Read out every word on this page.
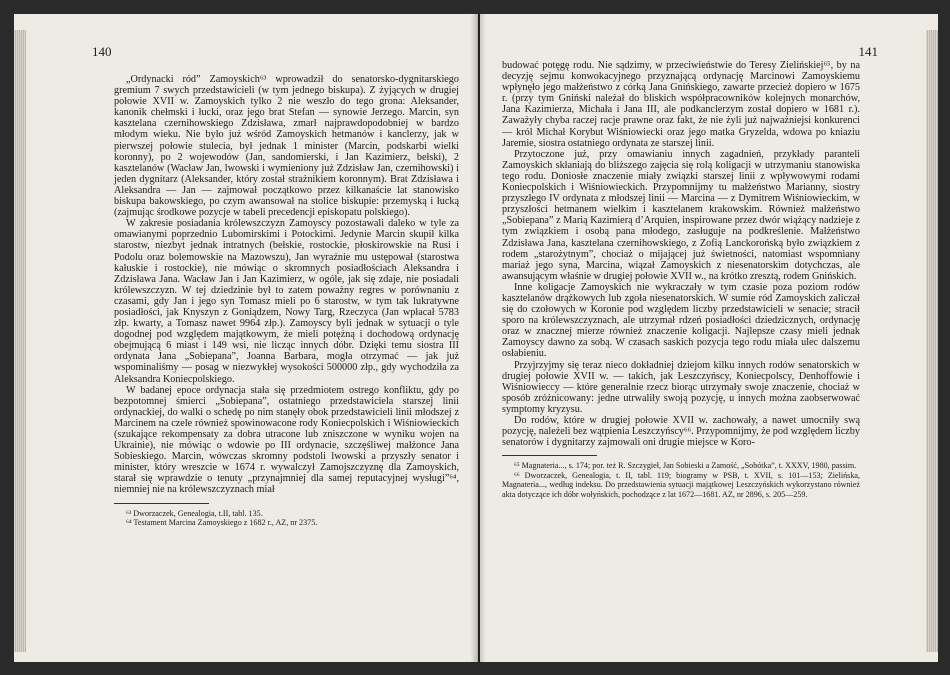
140

„Ordynacki ród” Zamoyskich⁶³ wprowadził do senatorsko-dygnitarskiego gremium 7 swych przedstawicieli (w tym jednego biskupa). Z żyjących w drugiej połowie XVII w. Zamoyskich tylko 2 nie weszło do tego grona: Aleksander, kanonik chełmski i łucki, oraz jego brat Stefan — synowie Jerzego. Marcin, syn kasztelana czernihowskiego Zdzisława, zmarł najprawdopodobniej w bardzo młodym wieku. Nie było już wśród Zamoyskich hetmanów i kanclerzy, jak w pierwszej połowie stulecia, był jednak 1 minister (Marcin, podskarbi wielki koronny), po 2 wojewodów (Jan, sandomierski, i Jan Kazimierz, bełski), 2 kasztelanów (Wacław Jan, lwowski i wymieniony już Zdzisław Jan, czernihowski) i jeden dygnitarz (Aleksander, który został strażnikiem koronnym). Brat Zdzisława i Aleksandra — Jan — zajmował początkowo przez kilkanaście lat stanowisko biskupa bakowskiego, po czym awansował na stolice biskupie: przemyską i łucką (zajmując środkowe pozycje w tabeli precedencji episkopatu polskiego).

W zakresie posiadania królewszczyzn Zamoyscy pozostawali daleko w tyle za omawianymi poprzednio Lubomirskimi i Potockimi. Jedynie Marcin skupił kilka starostw, niezbyt jednak intratnych (bełskie, rostockie, płoskirowskie na Rusi i Podolu oraz bolemowskie na Mazowszu), Jan wyraźnie mu ustępował (starostwa kałuskie i rostockie), nie mówiąc o skromnych posiadłościach Aleksandra i Zdzisława Jana. Wacław Jan i Jan Kazimierz, w ogóle, jak się zdaje, nie posiadali królewszczyzn. W tej dziedzinie był to zatem poważny regres w porównaniu z czasami, gdy Jan i jego syn Tomasz mieli po 6 starostw, w tym tak lukratywne posiadłości, jak Knyszyn z Goniądzem, Nowy Targ, Rzeczyca (Jan wpłacał 5783 złp. kwarty, a Tomasz nawet 9964 złp.). Zamoyscy byli jednak w sytuacji o tyle dogodnej pod względem majątkowym, że mieli potężną i dochodową ordynację obejmującą 6 miast i 149 wsi, nie licząc innych dóbr. Dzięki temu siostra III ordynata Jana „Sobiepana”, Joanna Barbara, mogła otrzymać — jak już wspominaliśmy — posag w niezwykłej wysokości 500000 złp., gdy wychodziła za Aleksandra Koniecpolskiego.

W badanej epoce ordynacja stała się przedmiotem ostrego konfliktu, gdy po bezpotomnej śmierci „Sobiepana”, ostatniego przedstawiciela starszej linii ordynackiej, do walki o schedę po nim stanęły obok przedstawicieli linii młodszej z Marcinem na czele również spowinowacone rody Koniecpolskich i Wiśniowieckich (szukające rekompensaty za dobra utracone lub zniszczone w wyniku wojen na Ukrainie), nie mówiąc o wdowie po III ordynacie, szczęśliwej małżonce Jana Sobieskiego. Marcin, wówczas skromny podstoli lwowski a przyszły senator i minister, który wreszcie w 1674 r. wywalczył Zamojszczyznę dla Zamoyskich, starał się wprawdzie o tenuty „przynajmniej dla samej reputacyjnej wysługi”⁶⁴, niemniej nie na królewszczyznach miał

⁶³ Dworzaczek, Genealogia, t.II, tabl. 135.

⁶⁴ Testament Marcina Zamoyskiego z 1682 r., AZ, nr 2375.

141

budować potęgę rodu. Nie sądzimy, w przeciwieństwie do Teresy Zielińskiej⁶⁵, by na decyzję sejmu konwokacyjnego przyznającą ordynację Marcinowi Zamoyskiemu wpłynęło jego małżeństwo z córką Jana Gnińskiego, zawarte przecież dopiero w 1675 r. (przy tym Gniński należał do bliskich współpracowników kolejnych monarchów, Jana Kazimierza, Michała i Jana III, ale podkanclerzym został dopiero w 1681 r.). Zaważyły chyba raczej racje prawne oraz fakt, że nie żyli już najważniejsi konkurenci — król Michał Korybut Wiśniowiecki oraz jego matka Gryzelda, wdowa po kniaziu Jaremie, siostra ostatniego ordynata ze starszej linii.

Przytoczone już, przy omawianiu innych zagadnień, przykłady paranteli Zamoyskich skłaniają do bliższego zajęcia się rolą koligacji w utrzymaniu stanowiska tego rodu. Doniosłe znaczenie miały związki starszej linii z wpływowymi rodami Koniecpolskich i Wiśniowieckich. Przypomnijmy tu małżeństwo Marianny, siostry przyszłego IV ordynata z młodszej linii — Marcina — z Dymitrem Wiśniowieckim, w przyszłości hetmanem wielkim i kasztelanem krakowskim. Również małżeństwo „Sobiepana” z Marią Kazimierą d’Arquien, inspirowane przez dwór wiążący nadzieje z tym związkiem i osobą pana młodego, zasługuje na podkreślenie. Małżeństwo Zdzisława Jana, kasztelana czernihowskiego, z Zofią Lanckorońską było związkiem z rodem „starożytnym”, chociaż o mijającej już świetności, natomiast wspomniany mariaż jego syna, Marcina, wiązał Zamoyskich z niesenatorskim dotychczas, ale awansującym właśnie w drugiej połowie XVII w., na krótko zresztą, rodem Gnińskich.

Inne koligacje Zamoyskich nie wykraczały w tym czasie poza poziom rodów kasztelanów drążkowych lub zgoła niesenatorskich. W sumie ród Zamoyskich zaliczał się do czołowych w Koronie pod względem liczby przedstawicieli w senacie; stracił sporo na królewszczyznach, ale utrzymał rdzeń posiadłości dziedzicznych, ordynację oraz w znacznej mierze również znaczenie koligacji. Najlepsze czasy mieli jednak Zamoyscy dawno za sobą. W czasach saskich pozycja tego rodu miała ulec dalszemu osłabieniu.

Przyjrzyjmy się teraz nieco dokładniej dziejom kilku innych rodów senatorskich w drugiej połowie XVII w. — takich, jak Leszczyńscy, Koniecpolscy, Denhoffowie i Wiśniowieccy — które generalnie rzecz biorąc utrzymały swoje znaczenie, chociaż w sposób zróżnicowany: jedne utrwaliły swoją pozycję, u innych można zaobserwować symptomy kryzysu.

Do rodów, które w drugiej połowie XVII w. zachowały, a nawet umocniły swą pozycję, należeli bez wątpienia Leszczyńscy⁶⁶. Przypomnijmy, że pod względem liczby senatorów i dygnitarzy zajmowali oni drugie miejsce w Koro-

⁶⁵ Magnateria..., s. 174; por. też R. Szczygieł, Jan Sobieski a Zamość, „Sobótka”, t. XXXV, 1980, passim.

⁶⁶ Dworzaczek, Genealogia, t. II, tabl. 119; biogramy w PSB, t. XVII, s. 101—153; Zielińska, Magnateria..., według indeksu. Do przedstawienia sytuacji majątkowej Leszczyńskich wykorzystano również akta dotyczące ich dóbr wołyńskich, pochodzące z lat 1672—1681. AZ, nr 2896, s. 205—259.
